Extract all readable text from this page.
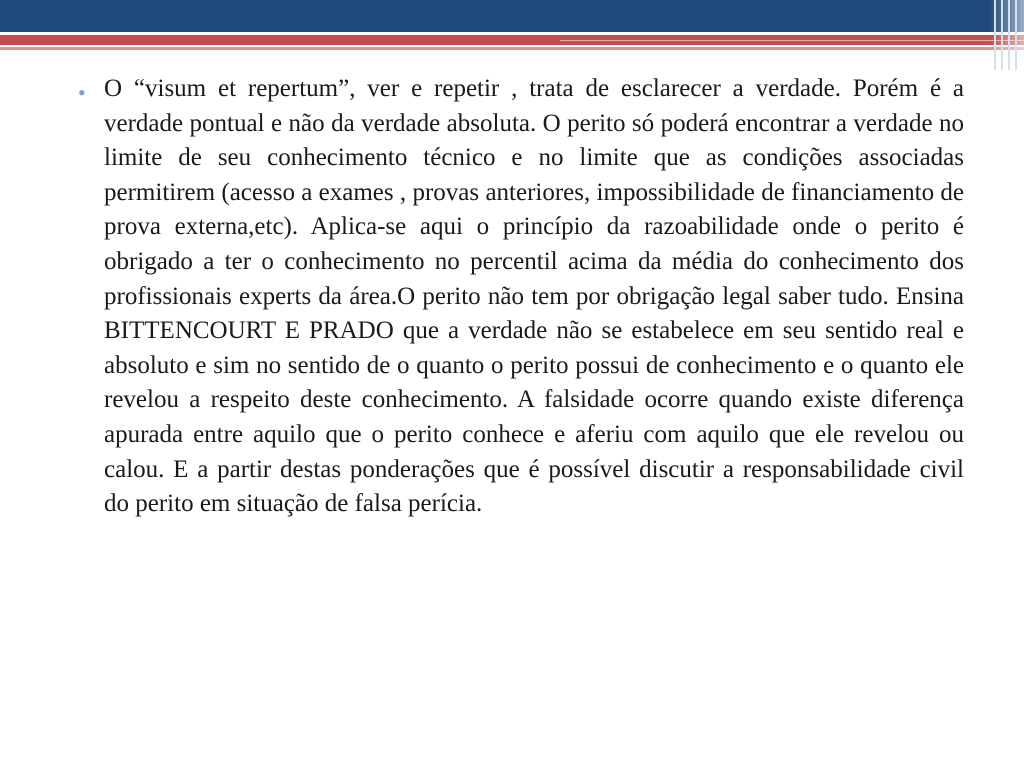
• O “visum et repertum”, ver e repetir , trata de esclarecer a verdade. Porém é a verdade pontual e não da verdade absoluta. O perito só poderá encontrar a verdade no limite de seu conhecimento técnico e no limite que as condições associadas permitirem (acesso a exames , provas anteriores, impossibilidade de financiamento de prova externa,etc). Aplica-se aqui o princípio da razoabilidade onde o perito é obrigado a ter o conhecimento no percentil acima da média do conhecimento dos profissionais experts da área.O perito não tem por obrigação legal saber tudo. Ensina BITTENCOURT E PRADO que a verdade não se estabelece em seu sentido real e absoluto e sim no sentido de o quanto o perito possui de conhecimento e o quanto ele revelou a respeito deste conhecimento. A falsidade ocorre quando existe diferença apurada entre aquilo que o perito conhece e aferiu com aquilo que ele revelou ou calou. E a partir destas ponderações que é possível discutir a responsabilidade civil do perito em situação de falsa perícia.
